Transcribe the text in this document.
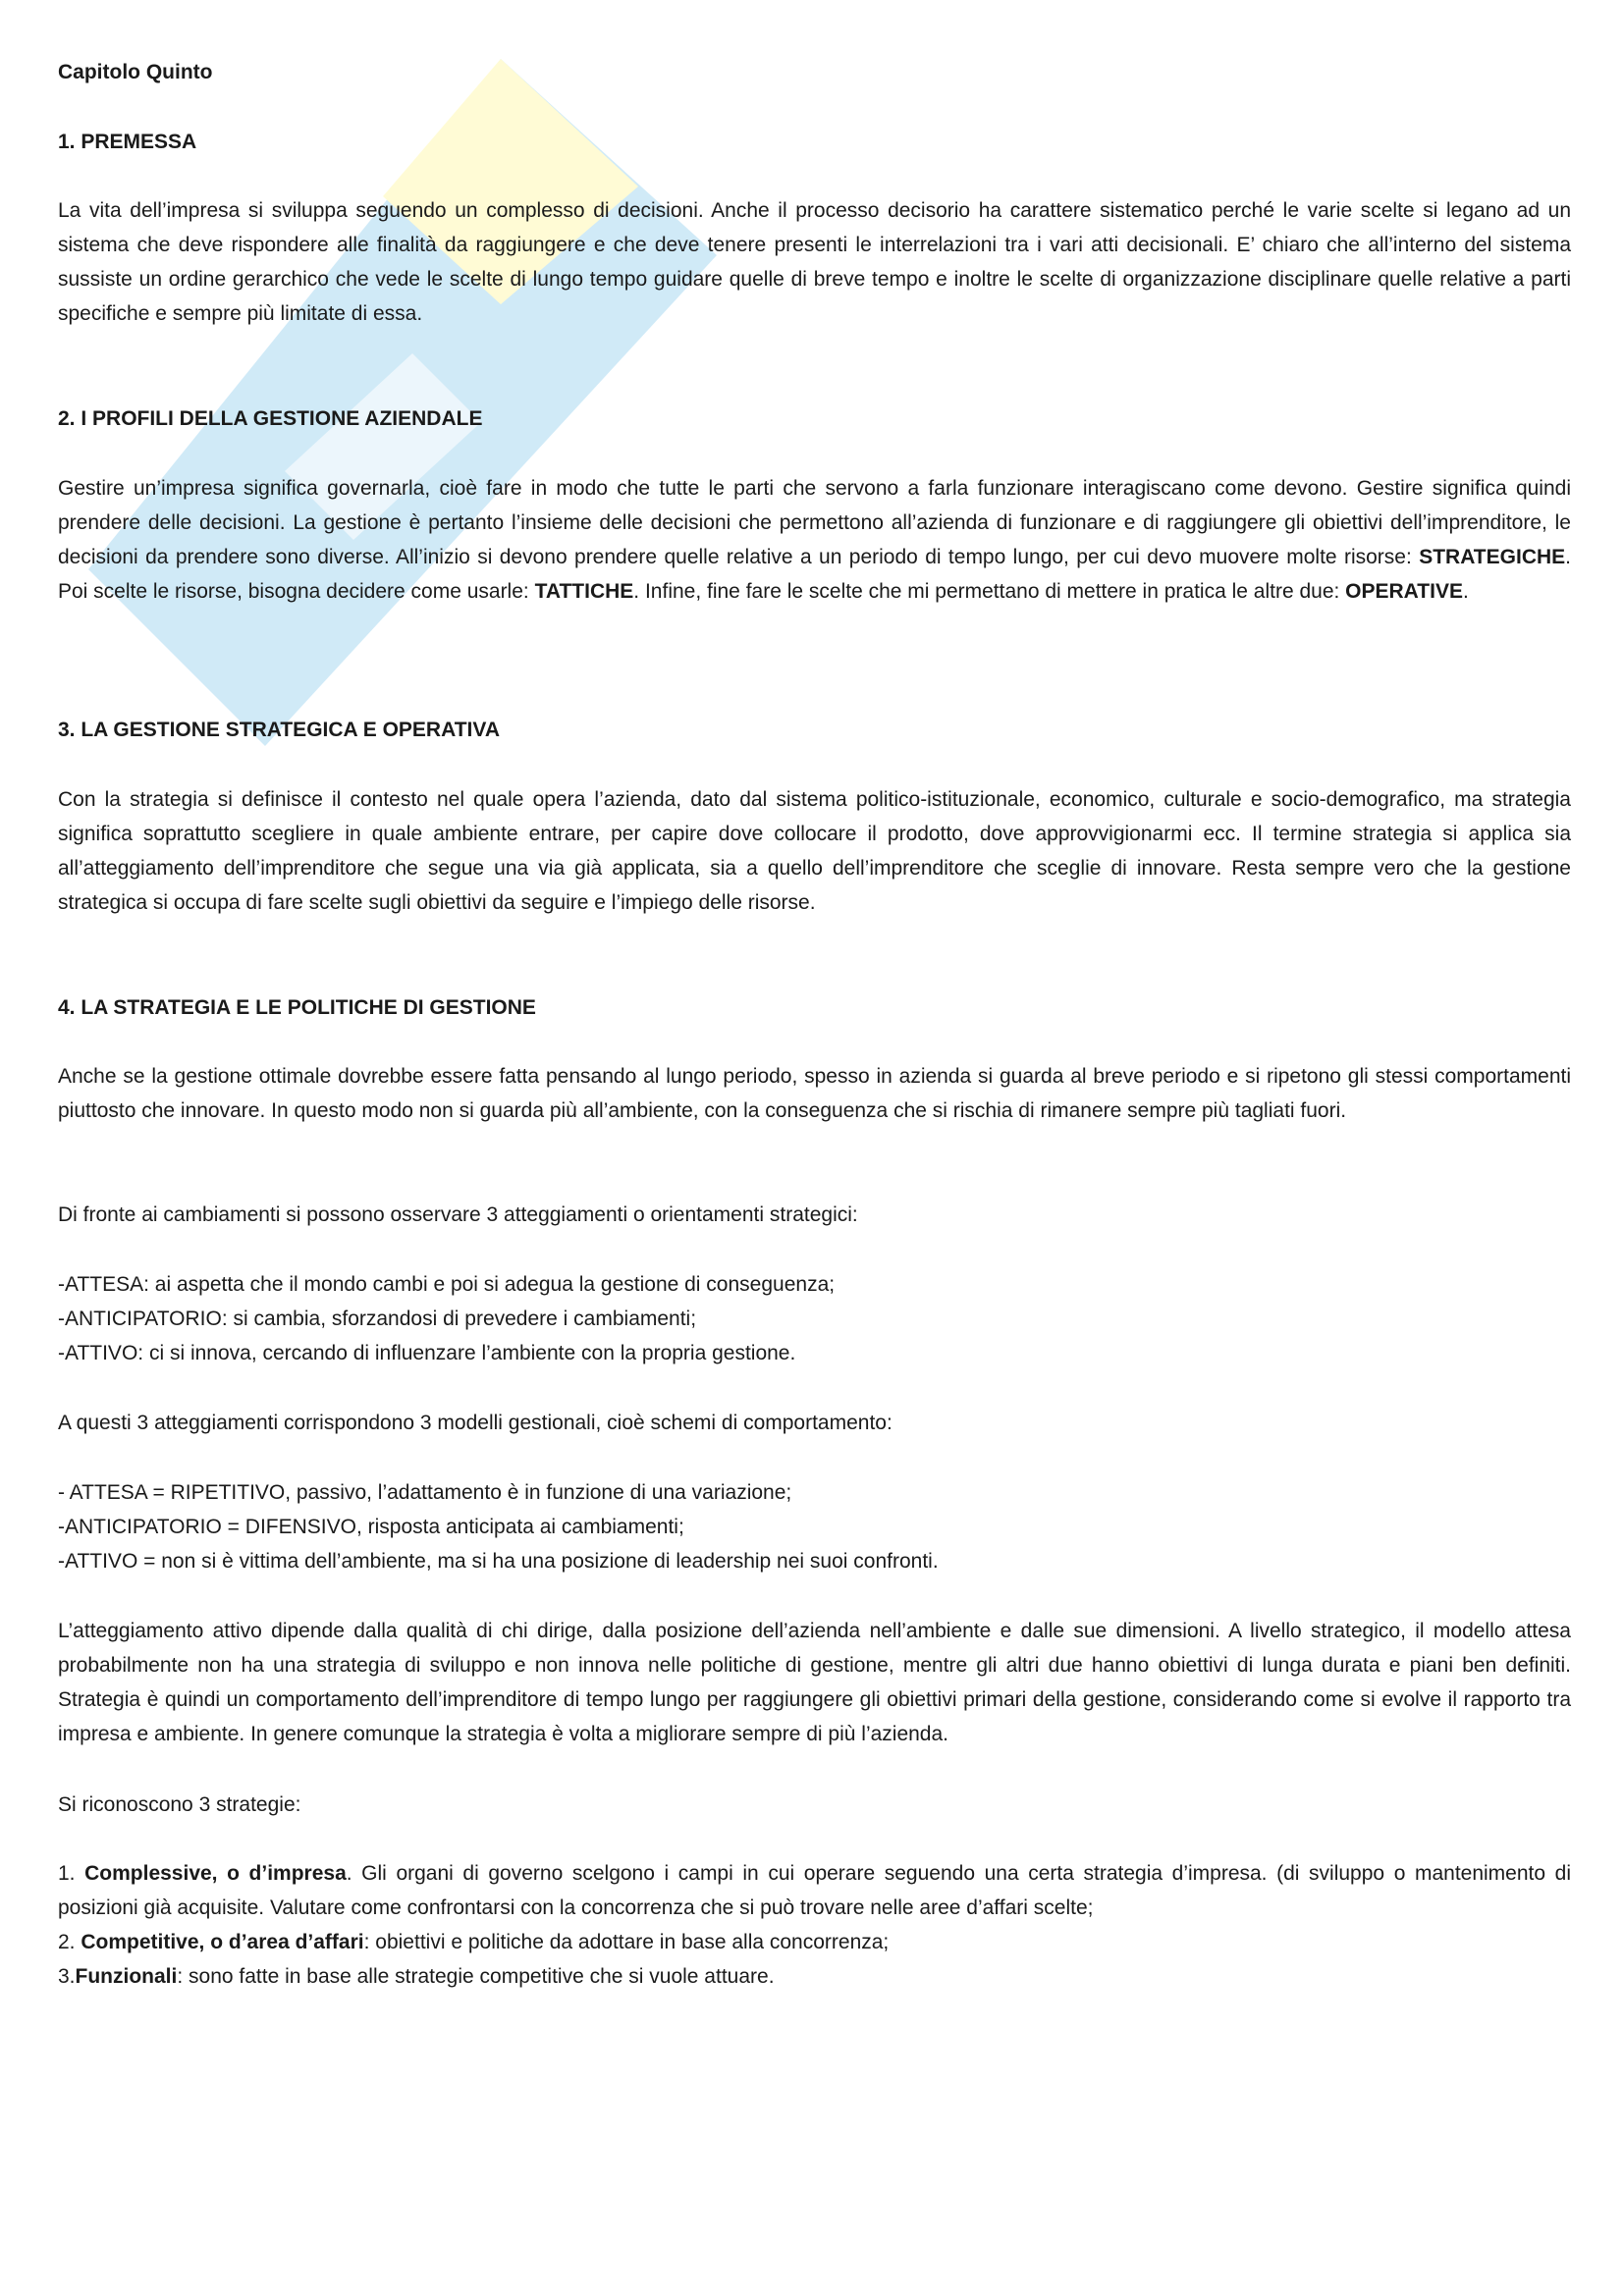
Capitolo Quinto
1. PREMESSA

La vita dell’impresa si sviluppa seguendo un complesso di decisioni. Anche il processo decisorio ha carattere sistematico perché le varie scelte si legano ad un sistema che deve rispondere alle finalità da raggiungere e che deve tenere presenti le interrelazioni tra i vari atti decisionali. E’ chiaro che all’interno del sistema sussiste un ordine gerarchico che vede le scelte di lungo tempo guidare quelle di breve tempo e inoltre le scelte di organizzazione disciplinare quelle relative a parti specifiche e sempre più limitate di essa.

2. I PROFILI DELLA GESTIONE AZIENDALE

Gestire un’impresa significa governarla, cioè fare in modo che tutte le parti che servono a farla funzionare interagiscano come devono. Gestire significa quindi prendere delle decisioni. La gestione è pertanto l’insieme delle decisioni che permettono all’azienda di funzionare e di raggiungere gli obiettivi dell’imprenditore, le decisioni da prendere sono diverse. All’inizio si devono prendere quelle relative a un periodo di tempo lungo, per cui devo muovere molte risorse: STRATEGICHE. Poi scelte le risorse, bisogna decidere come usarle: TATTICHE. Infine, fine fare le scelte che mi permettano di mettere in pratica le altre due: OPERATIVE.

3. LA GESTIONE STRATEGICA E OPERATIVA

Con la strategia si definisce il contesto nel quale opera l’azienda, dato dal sistema politico-istituzionale, economico, culturale e socio-demografico, ma strategia significa soprattutto scegliere in quale ambiente entrare, per capire dove collocare il prodotto, dove approvvigionarmi ecc. Il termine strategia si applica sia all’atteggiamento dell’imprenditore che segue una via già applicata, sia a quello dell’imprenditore che sceglie di innovare. Resta sempre vero che la gestione strategica si occupa di fare scelte sugli obiettivi da seguire e l’impiego delle risorse.

4. LA STRATEGIA E LE POLITICHE DI GESTIONE

Anche se la gestione ottimale dovrebbe essere fatta pensando al lungo periodo, spesso in azienda si guarda al breve periodo e si ripetono gli stessi comportamenti piuttosto che innovare. In questo modo non si guarda più all’ambiente, con la conseguenza che si rischia di rimanere sempre più tagliati fuori.

Di fronte ai cambiamenti si possono osservare 3 atteggiamenti o orientamenti strategici:

-ATTESA: ai aspetta che il mondo cambi e poi si adegua la gestione di conseguenza;

-ANTICIPATORIO: si cambia, sforzandosi di prevedere i cambiamenti;

-ATTIVO: ci si innova, cercando di influenzare l’ambiente con la propria gestione.

A questi 3 atteggiamenti corrispondono 3 modelli gestionali, cioè schemi di comportamento:

- ATTESA = RIPETITIVO, passivo, l’adattamento è in funzione di una variazione;

-ANTICIPATORIO = DIFENSIVO, risposta anticipata ai cambiamenti;

-ATTIVO = non si è vittima dell’ambiente, ma si ha una posizione di leadership nei suoi confronti.

L’atteggiamento attivo dipende dalla qualità di chi dirige, dalla posizione dell’azienda nell’ambiente e dalle sue dimensioni. A livello strategico, il modello attesa probabilmente non ha una strategia di sviluppo e non innova nelle politiche di gestione, mentre gli altri due hanno obiettivi di lunga durata e piani ben definiti. Strategia è quindi un comportamento dell’imprenditore di tempo lungo per raggiungere gli obiettivi primari della gestione, considerando come si evolve il rapporto tra impresa e ambiente. In genere comunque la strategia è volta a migliorare sempre di più l’azienda.

Si riconoscono 3 strategie:

1. Complessive, o d’impresa. Gli organi di governo scelgono i campi in cui operare seguendo una certa strategia d’impresa. (di sviluppo o mantenimento di posizioni già acquisite. Valutare come confrontarsi con la concorrenza che si può trovare nelle aree d’affari scelte;

2. Competitive, o d’area d’affari: obiettivi e politiche da adottare in base alla concorrenza;

3.Funzionali: sono fatte in base alle strategie competitive che si vuole attuare.
